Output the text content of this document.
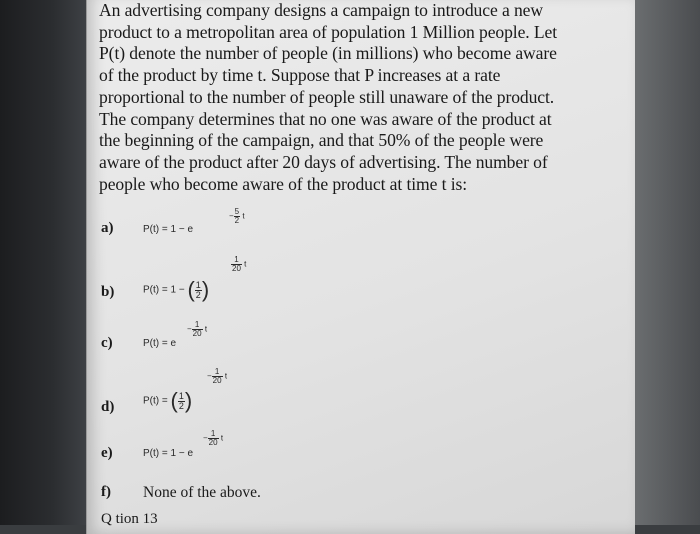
An advertising company designs a campaign to introduce a new
product to a metropolitan area of population 1 Million people. Let
P(t) denote the number of people (in millions) who become aware
of the product by time t. Suppose that P increases at a rate
proportional to the number of people still unaware of the product.
The company determines that no one was aware of the product at
the beginning of the campaign, and that 50% of the people were
aware of the product after 20 days of advertising. The number of
people who become aware of the product at time t is:
a)	P(t) = 1 − e
− $\frac{5}{2}$ t
b)	P(t) = 1 − ( $\frac{1}{2}$ )
$\frac{1}{20}$ t
c)	P(t) = e
− $\frac{1}{20}$ t
d)	P(t) = ( $\frac{1}{2}$ )
− $\frac{1}{20}$ t
e)	P(t) = 1 − e
− $\frac{1}{20}$ t
f) None of the above.
Q tion 13
